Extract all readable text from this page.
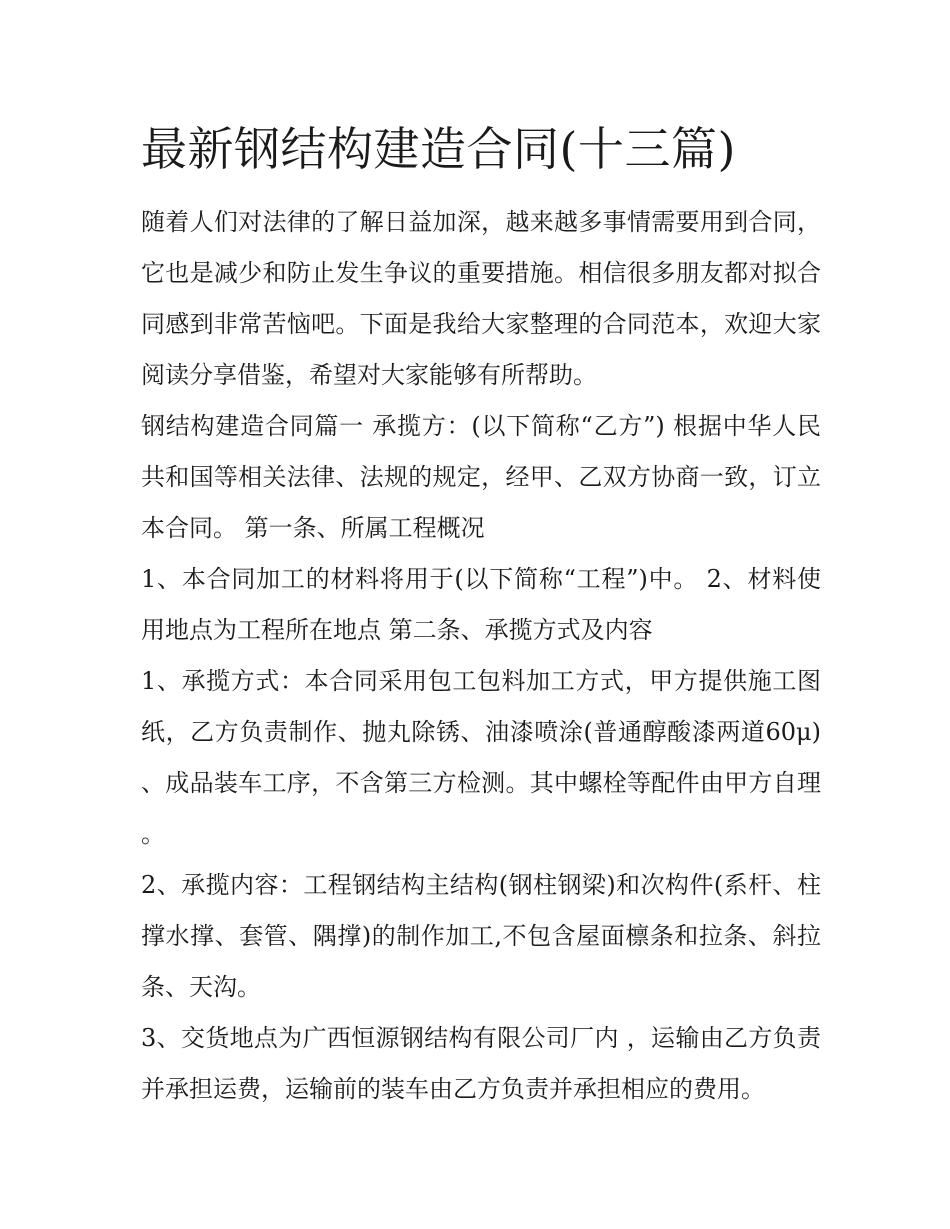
最新钢结构建造合同(十三篇)

随着人们对法律的了解日益加深，越来越多事情需要用到合同，它也是减少和防止发生争议的重要措施。相信很多朋友都对拟合同感到非常苦恼吧。下面是我给大家整理的合同范本，欢迎大家阅读分享借鉴，希望对大家能够有所帮助。

钢结构建造合同篇一 承揽方：(以下简称“乙方”) 根据中华人民共和国等相关法律、法规的规定，经甲、乙双方协商一致，订立本合同。 第一条、所属工程概况

1、本合同加工的材料将用于(以下简称“工程”)中。 2、材料使用地点为工程所在地点 第二条、承揽方式及内容

1、承揽方式：本合同采用包工包料加工方式，甲方提供施工图纸，乙方负责制作、抛丸除锈、油漆喷涂(普通醇酸漆两道60μ)、成品装车工序，不含第三方检测。其中螺栓等配件由甲方自理。

2、承揽内容：工程钢结构主结构(钢柱钢梁)和次构件(系杆、柱撑水撑、套管、隅撑)的制作加工,不包含屋面檩条和拉条、斜拉条、天沟。

3、交货地点为广西恒源钢结构有限公司厂内 ，运输由乙方负责并承担运费，运输前的装车由乙方负责并承担相应的费用。
